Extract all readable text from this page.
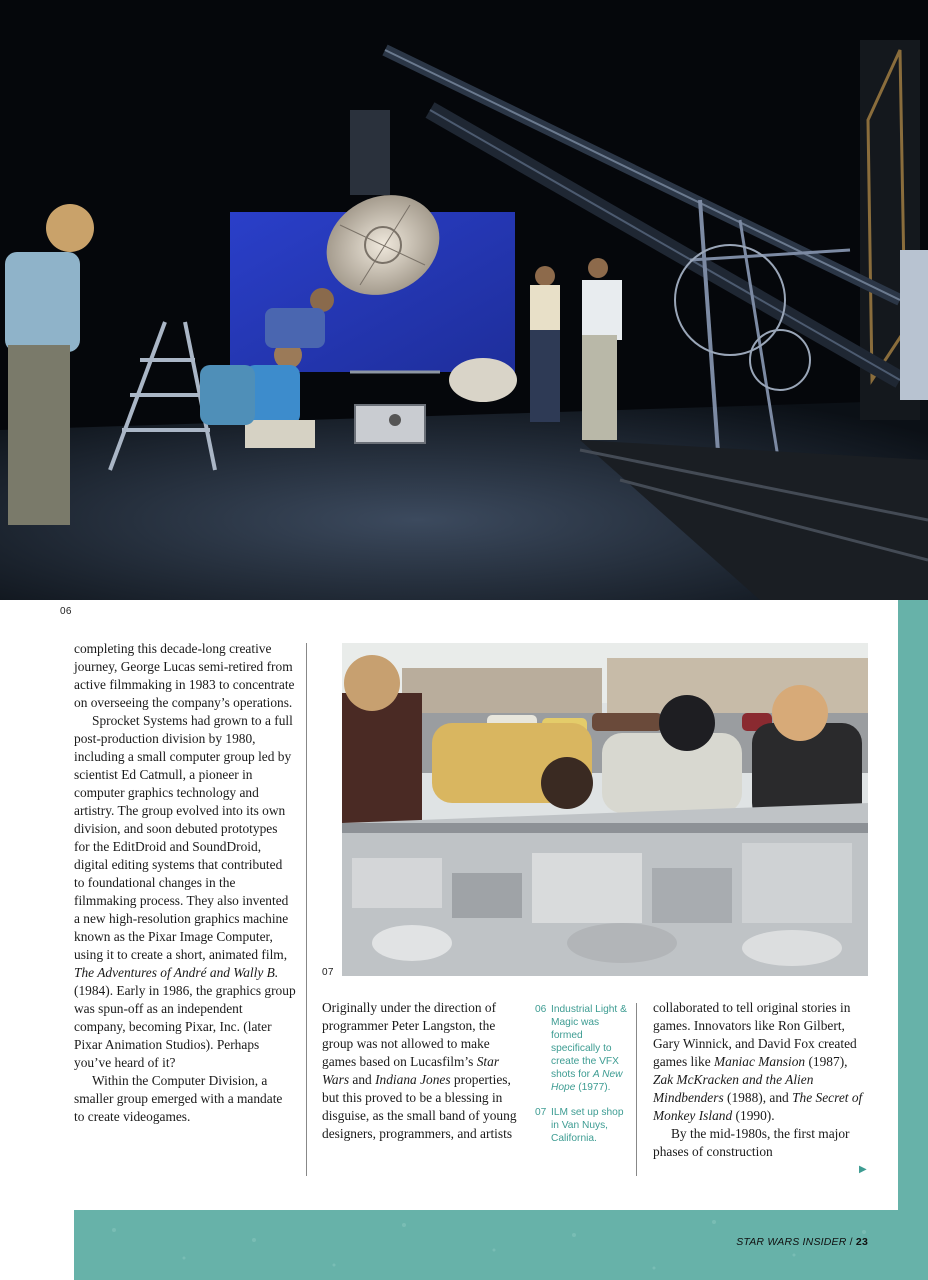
06

completing this decade-long creative journey, George Lucas semi-retired from active filmmaking in 1983 to concentrate on overseeing the company’s operations.

Sprocket Systems had grown to a full post-production division by 1980, including a small computer group led by scientist Ed Catmull, a pioneer in computer graphics technology and artistry. The group evolved into its own division, and soon debuted prototypes for the EditDroid and SoundDroid, digital editing systems that contributed to foundational changes in the filmmaking process. They also invented a new high-resolution graphics machine known as the Pixar Image Computer, using it to create a short, animated film, The Adventures of André and Wally B. (1984). Early in 1986, the graphics group was spun-off as an independent company, becoming Pixar, Inc. (later Pixar Animation Studios). Perhaps you’ve heard of it?

Within the Computer Division, a smaller group emerged with a mandate to create videogames.

07

Originally under the direction of programmer Peter Langston, the group was not allowed to make games based on Lucasfilm’s Star Wars and Indiana Jones properties, but this proved to be a blessing in disguise, as the small band of young designers, programmers, and artists

06 Industrial Light & Magic was formed specifically to create the VFX shots for A New Hope (1977).
07 ILM set up shop in Van Nuys, California.

collaborated to tell original stories in games. Innovators like Ron Gilbert, Gary Winnick, and David Fox created games like Maniac Mansion (1987), Zak McKracken and the Alien Mindbenders (1988), and The Secret of Monkey Island (1990).

By the mid-1980s, the first major phases of construction

▶
STAR WARS INSIDER / 23
